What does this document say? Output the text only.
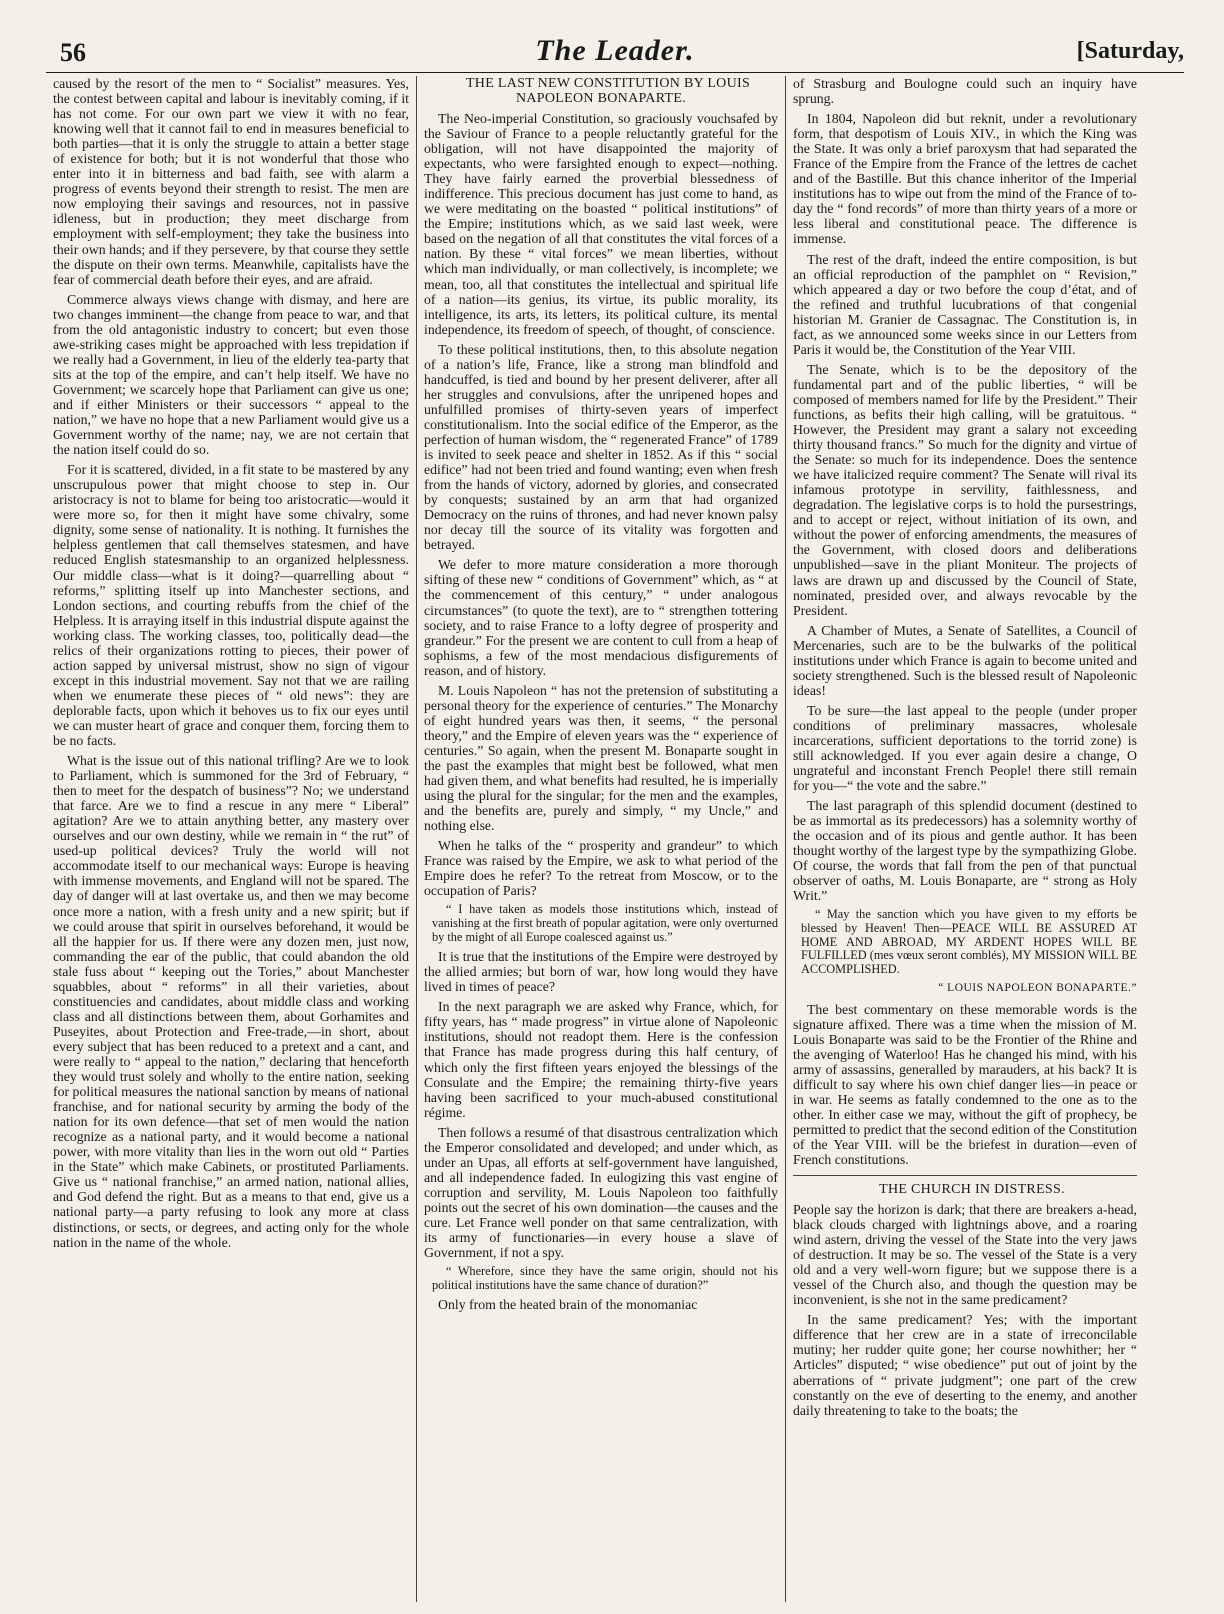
56	The Leader.	[Saturday,

caused by the resort of the men to “ Socialist” measures. Yes, the contest between capital and labour is inevitably coming, if it has not come. For our own part we view it with no fear, knowing well that it cannot fail to end in measures beneficial to both parties—that it is only the struggle to attain a better stage of existence for both; but it is not wonderful that those who enter into it in bitterness and bad faith, see with alarm a progress of events beyond their strength to resist. The men are now employing their savings and resources, not in passive idleness, but in production; they meet discharge from employment with self-employment; they take the business into their own hands; and if they persevere, by that course they settle the dispute on their own terms. Meanwhile, capitalists have the fear of commercial death before their eyes, and are afraid.

Commerce always views change with dismay, and here are two changes imminent—the change from peace to war, and that from the old antagonistic industry to concert; but even those awe-striking cases might be approached with less trepidation if we really had a Government, in lieu of the elderly tea-party that sits at the top of the empire, and can’t help itself. We have no Government; we scarcely hope that Parliament can give us one; and if either Ministers or their successors “ appeal to the nation,” we have no hope that a new Parliament would give us a Government worthy of the name; nay, we are not certain that the nation itself could do so.

For it is scattered, divided, in a fit state to be mastered by any unscrupulous power that might choose to step in. Our aristocracy is not to blame for being too aristocratic—would it were more so, for then it might have some chivalry, some dignity, some sense of nationality. It is nothing. It furnishes the helpless gentlemen that call themselves statesmen, and have reduced English statesmanship to an organized helplessness. Our middle class—what is it doing?—quarrelling about “ reforms,” splitting itself up into Manchester sections, and London sections, and courting rebuffs from the chief of the Helpless. It is arraying itself in this industrial dispute against the working class. The working classes, too, politically dead—the relics of their organizations rotting to pieces, their power of action sapped by universal mistrust, show no sign of vigour except in this industrial movement. Say not that we are railing when we enumerate these pieces of “ old news”: they are deplorable facts, upon which it behoves us to fix our eyes until we can muster heart of grace and conquer them, forcing them to be no facts.

What is the issue out of this national trifling? Are we to look to Parliament, which is summoned for the 3rd of February, “ then to meet for the despatch of business”? No; we understand that farce. Are we to find a rescue in any mere “ Liberal” agitation? Are we to attain anything better, any mastery over ourselves and our own destiny, while we remain in “ the rut” of used-up political devices? Truly the world will not accommodate itself to our mechanical ways: Europe is heaving with immense movements, and England will not be spared. The day of danger will at last overtake us, and then we may become once more a nation, with a fresh unity and a new spirit; but if we could arouse that spirit in ourselves beforehand, it would be all the happier for us. If there were any dozen men, just now, commanding the ear of the public, that could abandon the old stale fuss about “ keeping out the Tories,” about Manchester squabbles, about “ reforms” in all their varieties, about constituencies and candidates, about middle class and working class and all distinctions between them, about Gorhamites and Puseyites, about Protection and Free-trade,—in short, about every subject that has been reduced to a pretext and a cant, and were really to “ appeal to the nation,” declaring that henceforth they would trust solely and wholly to the entire nation, seeking for political measures the national sanction by means of national franchise, and for national security by arming the body of the nation for its own defence—that set of men would the nation recognize as a national party, and it would become a national power, with more vitality than lies in the worn out old “ Parties in the State” which make Cabinets, or prostituted Parliaments. Give us “ national franchise,” an armed nation, national allies, and God defend the right. But as a means to that end, give us a national party—a party refusing to look any more at class distinctions, or sects, or degrees, and acting only for the whole nation in the name of the whole.

THE LAST NEW CONSTITUTION BY LOUIS NAPOLEON BONAPARTE.

The Neo-imperial Constitution, so graciously vouchsafed by the Saviour of France to a people reluctantly grateful for the obligation, will not have disappointed the majority of expectants, who were farsighted enough to expect—nothing. They have fairly earned the proverbial blessedness of indifference. This precious document has just come to hand, as we were meditating on the boasted “ political institutions” of the Empire; institutions which, as we said last week, were based on the negation of all that constitutes the vital forces of a nation. By these “ vital forces” we mean liberties, without which man individually, or man collectively, is incomplete; we mean, too, all that constitutes the intellectual and spiritual life of a nation—its genius, its virtue, its public morality, its intelligence, its arts, its letters, its political culture, its mental independence, its freedom of speech, of thought, of conscience.

To these political institutions, then, to this absolute negation of a nation’s life, France, like a strong man blindfold and handcuffed, is tied and bound by her present deliverer, after all her struggles and convulsions, after the unripened hopes and unfulfilled promises of thirty-seven years of imperfect constitutionalism. Into the social edifice of the Emperor, as the perfection of human wisdom, the “ regenerated France” of 1789 is invited to seek peace and shelter in 1852. As if this “ social edifice” had not been tried and found wanting; even when fresh from the hands of victory, adorned by glories, and consecrated by conquests; sustained by an arm that had organized Democracy on the ruins of thrones, and had never known palsy nor decay till the source of its vitality was forgotten and betrayed.

We defer to more mature consideration a more thorough sifting of these new “ conditions of Government” which, as “ at the commencement of this century,” “ under analogous circumstances” (to quote the text), are to “ strengthen tottering society, and to raise France to a lofty degree of prosperity and grandeur.” For the present we are content to cull from a heap of sophisms, a few of the most mendacious disfigurements of reason, and of history.

M. Louis Napoleon “ has not the pretension of substituting a personal theory for the experience of centuries.” The Monarchy of eight hundred years was then, it seems, “ the personal theory,” and the Empire of eleven years was the “ experience of centuries.” So again, when the present M. Bonaparte sought in the past the examples that might best be followed, what men had given them, and what benefits had resulted, he is imperially using the plural for the singular; for the men and the examples, and the benefits are, purely and simply, “ my Uncle,” and nothing else.

When he talks of the “ prosperity and grandeur” to which France was raised by the Empire, we ask to what period of the Empire does he refer? To the retreat from Moscow, or to the occupation of Paris?

“ I have taken as models those institutions which, instead of vanishing at the first breath of popular agitation, were only overturned by the might of all Europe coalesced against us.”

It is true that the institutions of the Empire were destroyed by the allied armies; but born of war, how long would they have lived in times of peace?

In the next paragraph we are asked why France, which, for fifty years, has “ made progress” in virtue alone of Napoleonic institutions, should not readopt them. Here is the confession that France has made progress during this half century, of which only the first fifteen years enjoyed the blessings of the Consulate and the Empire; the remaining thirty-five years having been sacrificed to your much-abused constitutional régime.

Then follows a resumé of that disastrous centralization which the Emperor consolidated and developed; and under which, as under an Upas, all efforts at self-government have languished, and all independence faded. In eulogizing this vast engine of corruption and servility, M. Louis Napoleon too faithfully points out the secret of his own domination—the causes and the cure. Let France well ponder on that same centralization, with its army of functionaries—in every house a slave of Government, if not a spy.

“ Wherefore, since they have the same origin, should not his political institutions have the same chance of duration?”

Only from the heated brain of the monomaniac

of Strasburg and Boulogne could such an inquiry have sprung.

In 1804, Napoleon did but reknit, under a revolutionary form, that despotism of Louis XIV., in which the King was the State. It was only a brief paroxysm that had separated the France of the Empire from the France of the lettres de cachet and of the Bastille. But this chance inheritor of the Imperial institutions has to wipe out from the mind of the France of to-day the “ fond records” of more than thirty years of a more or less liberal and constitutional peace. The difference is immense.

The rest of the draft, indeed the entire composition, is but an official reproduction of the pamphlet on “ Revision,” which appeared a day or two before the coup d’état, and of the refined and truthful lucubrations of that congenial historian M. Granier de Cassagnac. The Constitution is, in fact, as we announced some weeks since in our Letters from Paris it would be, the Constitution of the Year VIII.

The Senate, which is to be the depository of the fundamental part and of the public liberties, “ will be composed of members named for life by the President.” Their functions, as befits their high calling, will be gratuitous. “ However, the President may grant a salary not exceeding thirty thousand francs.” So much for the dignity and virtue of the Senate: so much for its independence. Does the sentence we have italicized require comment? The Senate will rival its infamous prototype in servility, faithlessness, and degradation. The legislative corps is to hold the pursestrings, and to accept or reject, without initiation of its own, and without the power of enforcing amendments, the measures of the Government, with closed doors and deliberations unpublished—save in the pliant Moniteur. The projects of laws are drawn up and discussed by the Council of State, nominated, presided over, and always revocable by the President.

A Chamber of Mutes, a Senate of Satellites, a Council of Mercenaries, such are to be the bulwarks of the political institutions under which France is again to become united and society strengthened. Such is the blessed result of Napoleonic ideas!

To be sure—the last appeal to the people (under proper conditions of preliminary massacres, wholesale incarcerations, sufficient deportations to the torrid zone) is still acknowledged. If you ever again desire a change, O ungrateful and inconstant French People! there still remain for you—“ the vote and the sabre.”

The last paragraph of this splendid document (destined to be as immortal as its predecessors) has a solemnity worthy of the occasion and of its pious and gentle author. It has been thought worthy of the largest type by the sympathizing Globe. Of course, the words that fall from the pen of that punctual observer of oaths, M. Louis Bonaparte, are “ strong as Holy Writ.”

“ May the sanction which you have given to my efforts be blessed by Heaven! Then—PEACE WILL BE ASSURED AT HOME AND ABROAD, MY ARDENT HOPES WILL BE FULFILLED (mes vœux seront comblés), MY MISSION WILL BE ACCOMPLISHED.

“ LOUIS NAPOLEON BONAPARTE.”

The best commentary on these memorable words is the signature affixed. There was a time when the mission of M. Louis Bonaparte was said to be the Frontier of the Rhine and the avenging of Waterloo! Has he changed his mind, with his army of assassins, generalled by marauders, at his back? It is difficult to say where his own chief danger lies—in peace or in war. He seems as fatally condemned to the one as to the other. In either case we may, without the gift of prophecy, be permitted to predict that the second edition of the Constitution of the Year VIII. will be the briefest in duration—even of French constitutions.

THE CHURCH IN DISTRESS.

People say the horizon is dark; that there are breakers a-head, black clouds charged with lightnings above, and a roaring wind astern, driving the vessel of the State into the very jaws of destruction. It may be so. The vessel of the State is a very old and a very well-worn figure; but we suppose there is a vessel of the Church also, and though the question may be inconvenient, is she not in the same predicament?

In the same predicament? Yes; with the important difference that her crew are in a state of irreconcilable mutiny; her rudder quite gone; her course nowhither; her “ Articles” disputed; “ wise obedience” put out of joint by the aberrations of “ private judgment”; one part of the crew constantly on the eve of deserting to the enemy, and another daily threatening to take to the boats; the
